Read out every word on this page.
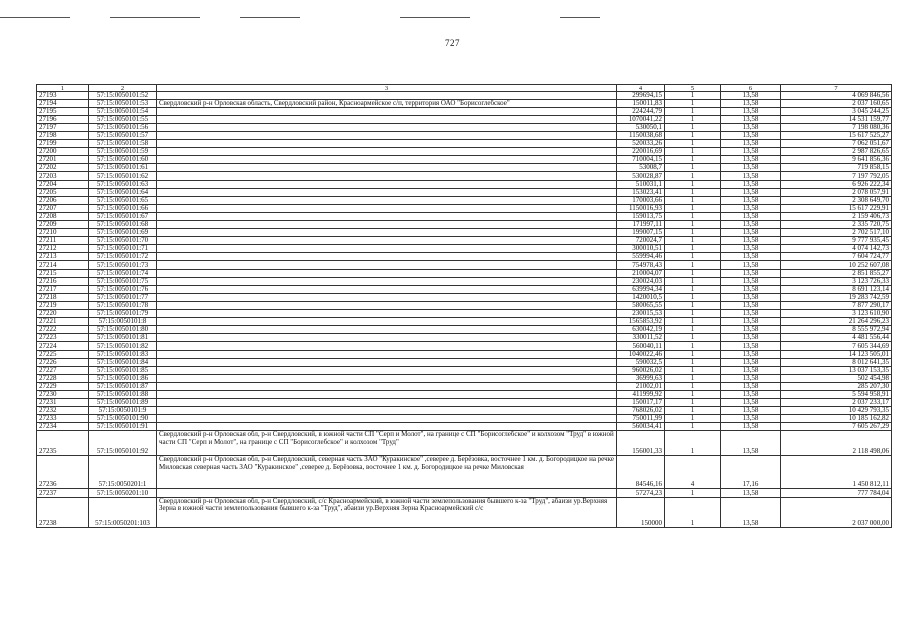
727
1	2	3	4	5	6	7
27193	57:15:0050101:52		299694,15	1	13,58	4 069 846,56
27194	57:15:0050101:53	Свердловский р-н Орловская область, Свердловский район, Красноармейское с/п, территория ОАО "Борисоглебское"	150011,83	1	13,58	2 037 160,65
27195	57:15:0050101:54		224244,79	1	13,58	3 045 244,25
27196	57:15:0050101:55		1070041,22	1	13,58	14 531 159,77
27197	57:15:0050101:56		530050,1	1	13,58	7 198 080,36
27198	57:15:0050101:57		1150038,68	1	13,58	15 617 525,27
27199	57:15:0050101:58		520033,26	1	13,58	7 062 051,67
27200	57:15:0050101:59		220016,69	1	13,58	2 987 826,65
27201	57:15:0050101:60		710004,15	1	13,58	9 641 856,36
27202	57:15:0050101:61		53008,7	1	13,58	719 858,15
27203	57:15:0050101:62		530028,87	1	13,58	7 197 792,05
27204	57:15:0050101:63		510031,1	1	13,58	6 926 222,34
27205	57:15:0050101:64		153023,41	1	13,58	2 078 057,91
27206	57:15:0050101:65		170003,66	1	13,58	2 308 649,70
27207	57:15:0050101:66		1150016,93	1	13,58	15 617 229,91
27208	57:15:0050101:67		159013,75	1	13,58	2 159 406,73
27209	57:15:0050101:68		171997,11	1	13,58	2 335 720,75
27210	57:15:0050101:69		199007,15	1	13,58	2 702 517,10
27211	57:15:0050101:70		720024,7	1	13,58	9 777 935,45
27212	57:15:0050101:71		300010,51	1	13,58	4 074 142,73
27213	57:15:0050101:72		559994,46	1	13,58	7 604 724,77
27214	57:15:0050101:73		754978,43	1	13,58	10 252 607,08
27215	57:15:0050101:74		210004,07	1	13,58	2 851 855,27
27216	57:15:0050101:75		230024,03	1	13,58	3 123 726,33
27217	57:15:0050101:76		639994,34	1	13,58	8 691 123,14
27218	57:15:0050101:77		1420010,5	1	13,58	19 283 742,59
27219	57:15:0050101:78		580065,55	1	13,58	7 877 290,17
27220	57:15:0050101:79		230015,53	1	13,58	3 123 610,90
27221	57:15:0050101:8		1565853,92	1	13,58	21 264 296,23
27222	57:15:0050101:80		630042,19	1	13,58	8 555 972,94
27223	57:15:0050101:81		330011,52	1	13,58	4 481 556,44
27224	57:15:0050101:82		560040,11	1	13,58	7 605 344,69
27225	57:15:0050101:83		1040022,46	1	13,58	14 123 505,01
27226	57:15:0050101:84		590032,5	1	13,58	8 012 641,35
27227	57:15:0050101:85		960026,02	1	13,58	13 037 153,35
27228	57:15:0050101:86		36999,63	1	13,58	502 454,98
27229	57:15:0050101:87		21002,01	1	13,58	285 207,30
27230	57:15:0050101:88		411999,92	1	13,58	5 594 958,91
27231	57:15:0050101:89		150017,17	1	13,58	2 037 233,17
27232	57:15:0050101:9		768026,02	1	13,58	10 429 793,35
27233	57:15:0050101:90		750011,99	1	13,58	10 185 162,82
27234	57:15:0050101:91		560034,41	1	13,58	7 605 267,29
27235	57:15:0050101:92	Свердловский р-н Орловская обл, р-н Свердловский, в южной части СП "Серп и Молот", на границе с СП "Борисоглебское" и колхозом "Труд" в южной части СП "Серп и Молот", на границе с СП "Борисоглебское" и колхозом "Труд"	156001,33	1	13,58	2 118 498,06
27236	57:15:0050201:1	Свердловский р-н Орловская обл, р-н Свердловский, северная часть ЗАО "Куракинское" ,северее д. Берёзовка, восточнее 1 км. д. Богородицкое на речке Миловская северная часть ЗАО "Куракинское" ,северее д. Берёзовка, восточнее 1 км. д. Богородицкое на речке Миловская	84546,16	4	17,16	1 450 812,11
27237	57:15:0050201:10		57274,23	1	13,58	777 784,04
27238	57:15:0050201:103	Свердловский р-н Орловская обл, р-н Свердловский, с/с Красноармейский, в южной части землепользования бывшего к-за "Труд", абаизи ур.Верхняя Зерна в южной части землепользования бывшего к-за "Труд", абаизи ур.Верхняя Зерна Красноармейский с/с	150000	1	13,58	2 037 000,00
